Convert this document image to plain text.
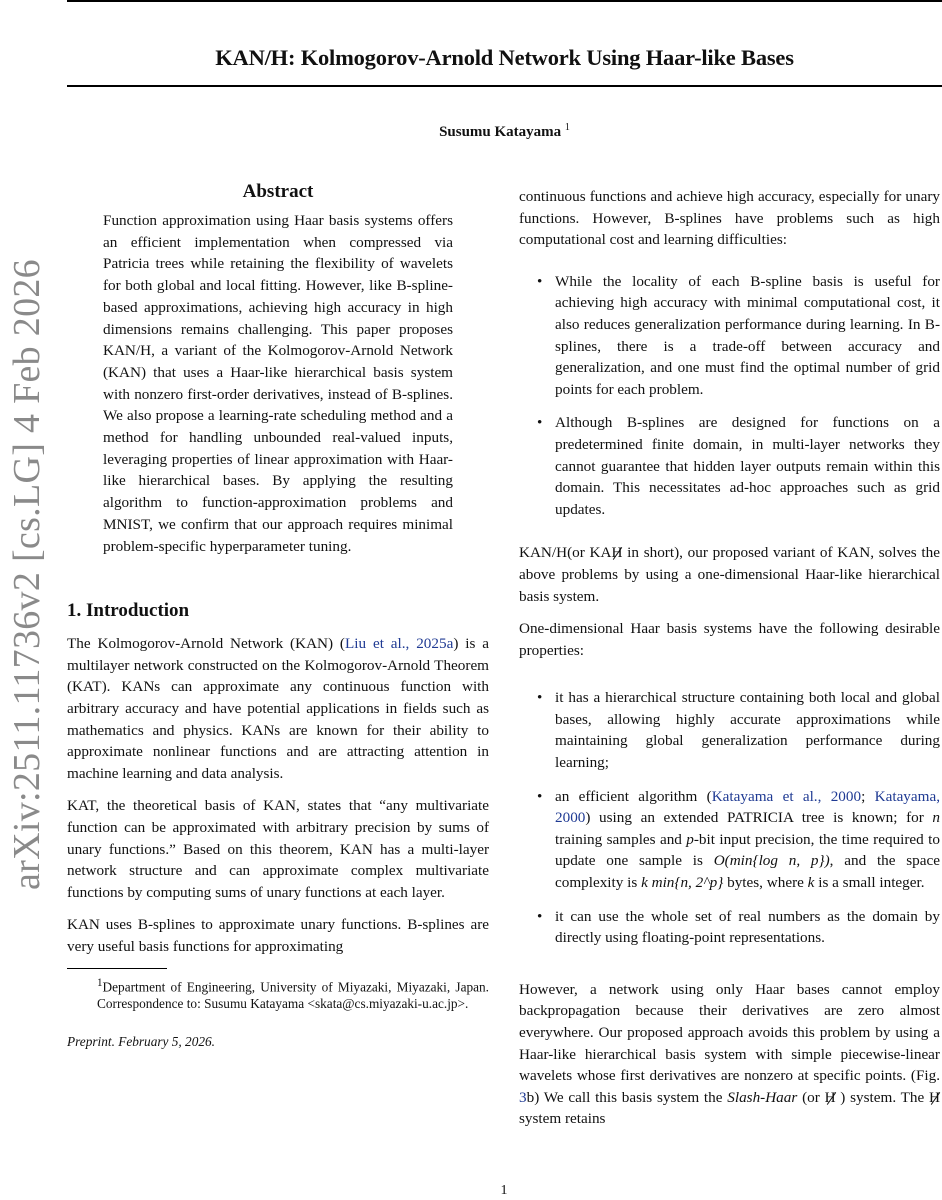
KAN/H: Kolmogorov-Arnold Network Using Haar-like Bases
Susumu Katayama $^1$
arXiv:2511.11736v2 [cs.LG] 4 Feb 2026
Abstract
Function approximation using Haar basis systems offers an efficient implementation when compressed via Patricia trees while retaining the flexibility of wavelets for both global and local fitting. However, like B-spline-based approximations, achieving high accuracy in high dimensions remains challenging. This paper proposes KAN/H, a variant of the Kolmogorov-Arnold Network (KAN) that uses a Haar-like hierarchical basis system with nonzero first-order derivatives, instead of B-splines. We also propose a learning-rate scheduling method and a method for handling unbounded real-valued inputs, leveraging properties of linear approximation with Haar-like hierarchical bases. By applying the resulting algorithm to function-approximation problems and MNIST, we confirm that our approach requires minimal problem-specific hyperparameter tuning.
1. Introduction

The Kolmogorov-Arnold Network (KAN) (Liu et al., 2025a) is a multilayer network constructed on the Kolmogorov-Arnold Theorem (KAT). KANs can approximate any continuous function with arbitrary accuracy and have potential applications in fields such as mathematics and physics. KANs are known for their ability to approximate nonlinear functions and are attracting attention in machine learning and data analysis.

KAT, the theoretical basis of KAN, states that “any multivariate function can be approximated with arbitrary precision by sums of unary functions.” Based on this theorem, KAN has a multi-layer network structure and can approximate complex multivariate functions by computing sums of unary functions at each layer.

KAN uses B-splines to approximate unary functions. B-splines are very useful basis functions for approximating

$^1$Department of Engineering, University of Miyazaki, Miyazaki, Japan. Correspondence to: Susumu Katayama <skata@cs.miyazaki-u.ac.jp>.
Preprint. February 5, 2026.

continuous functions and achieve high accuracy, especially for unary functions. However, B-splines have problems such as high computational cost and learning difficulties:

• While the locality of each B-spline basis is useful for achieving high accuracy with minimal computational cost, it also reduces generalization performance during learning. In B-splines, there is a trade-off between accuracy and generalization, and one must find the optimal number of grid points for each problem.
• Although B-splines are designed for functions on a predetermined finite domain, in multi-layer networks they cannot guarantee that hidden layer outputs remain within this domain. This necessitates ad-hoc approaches such as grid updates.

KAN/H(or KAH in short), our proposed variant of KAN, solves the above problems by using a one-dimensional Haar-like hierarchical basis system.

One-dimensional Haar basis systems have the following desirable properties:

• it has a hierarchical structure containing both local and global bases, allowing highly accurate approximations while maintaining global generalization performance during learning;
• an efficient algorithm (Katayama et al., 2000; Katayama, 2000) using an extended PATRICIA tree is known; for n training samples and p-bit input precision, the time required to update one sample is O(min{log n, p}), and the space complexity is k min{n, 2^p} bytes, where k is a small integer.
• it can use the whole set of real numbers as the domain by directly using floating-point representations.

However, a network using only Haar bases cannot employ backpropagation because their derivatives are zero almost everywhere. Our proposed approach avoids this problem by using a Haar-like hierarchical basis system with simple piecewise-linear wavelets whose first derivatives are nonzero at specific points. (Fig. 3b) We call this basis system the Slash-Haar (or H ) system. The H system retains

1
